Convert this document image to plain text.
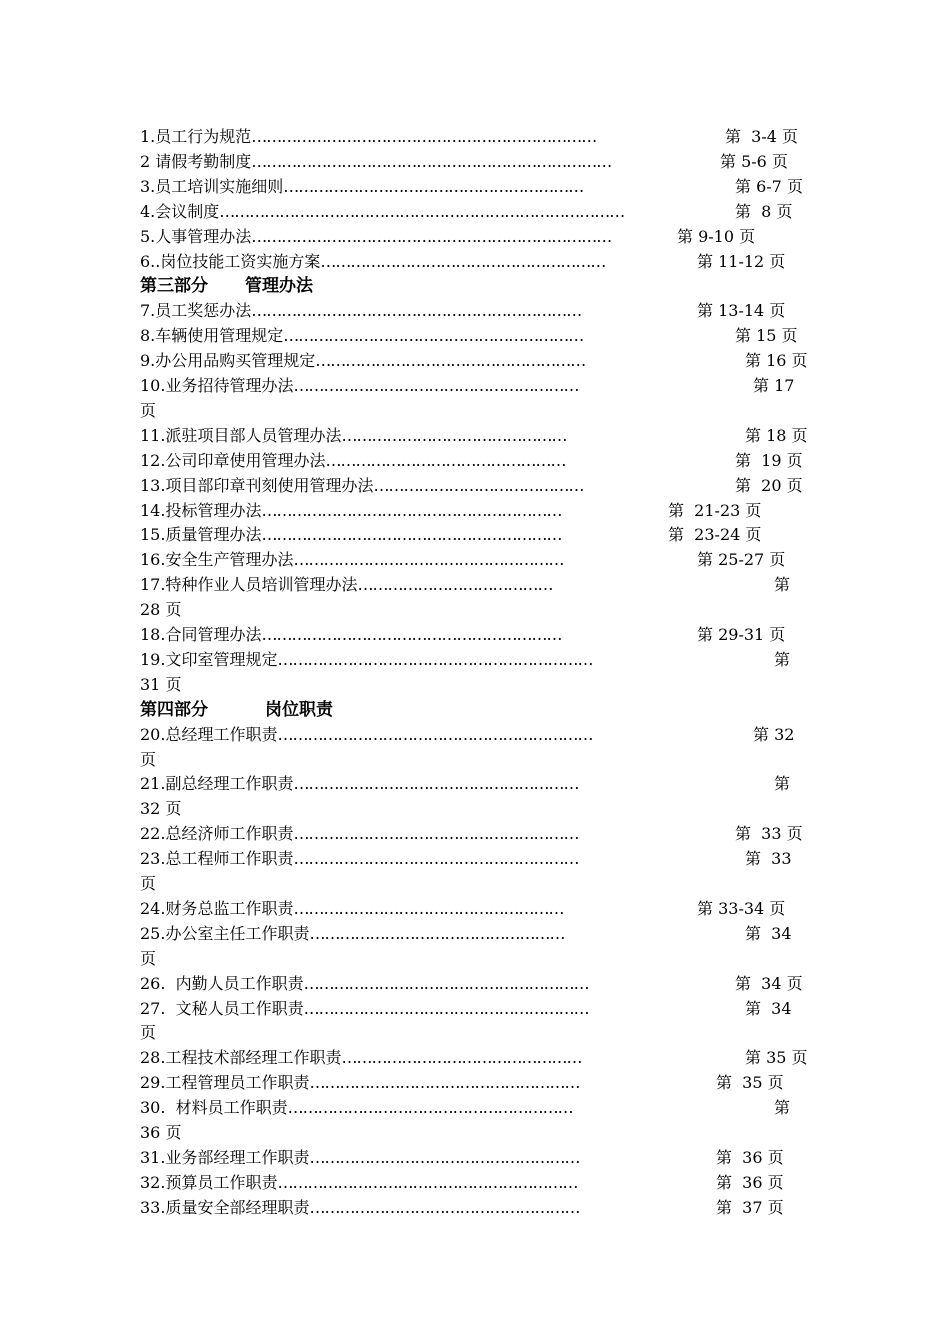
1.员工行为规范 ……………………………………………………………	第  3-4 页
2 请假考勤制度 ………………………………………………………………	第 5-6 页
3.员工培训实施细则 ……………………………………………………	第 6-7 页
4.会议制度 ………………………………………………………………………	第  8 页
5.人事管理办法 ………………………………………………………………	第 9-10 页
6..岗位技能工资实施方案 …………………………………………………	第 11-12 页
第三部分 管理办法
7.员工奖惩办法 …………………………………………………………	第 13-14 页
8.车辆使用管理规定 ……………………………………………………	第 15 页
9.办公用品购买管理规定 ………………………………………………	第 16 页
10.业务招待管理办法 …………………………………………………	第 17
页
11.派驻项目部人员管理办法 ………………………………………	第 18 页
12.公司印章使用管理办法 …………………………………………	第  19 页
13.项目部印章刊刻使用管理办法 ……………………………………	第  20 页
14.投标管理办法 ……………………………………………………	第  21-23 页
15.质量管理办法 ……………………………………………………	第  23-24 页
16.安全生产管理办法 ………………………………………………	第 25-27 页
17.特种作业人员培训管理办法 …………………………………	第
28 页
18.合同管理办法 ……………………………………………………	第 29-31 页
19.文印室管理规定 ………………………………………………………	第
31 页
第四部分	岗位职责
20.总经理工作职责 ………………………………………………………	第 32
页
21.副总经理工作职责 …………………………………………………	第
32 页
22.总经济师工作职责 …………………………………………………	第  33 页
23.总工程师工作职责 …………………………………………………	第  33
页
24.财务总监工作职责 ………………………………………………	第 33-34 页
25.办公室主任工作职责 ……………………………………………	第  34
页
26.  内勤人员工作职责 …………………………………………………	第  34 页
27.  文秘人员工作职责 …………………………………………………	第  34
页
28.工程技术部经理工作职责 …………………………………………	第 35 页
29.工程管理员工作职责 ………………………………………………	第  35 页
30.  材料员工作职责 …………………………………………………	第
36 页
31.业务部经理工作职责 ………………………………………………	第  36 页
32.预算员工作职责 ……………………………………………………	第  36 页
33.质量安全部经理职责 ………………………………………………	第  37 页
